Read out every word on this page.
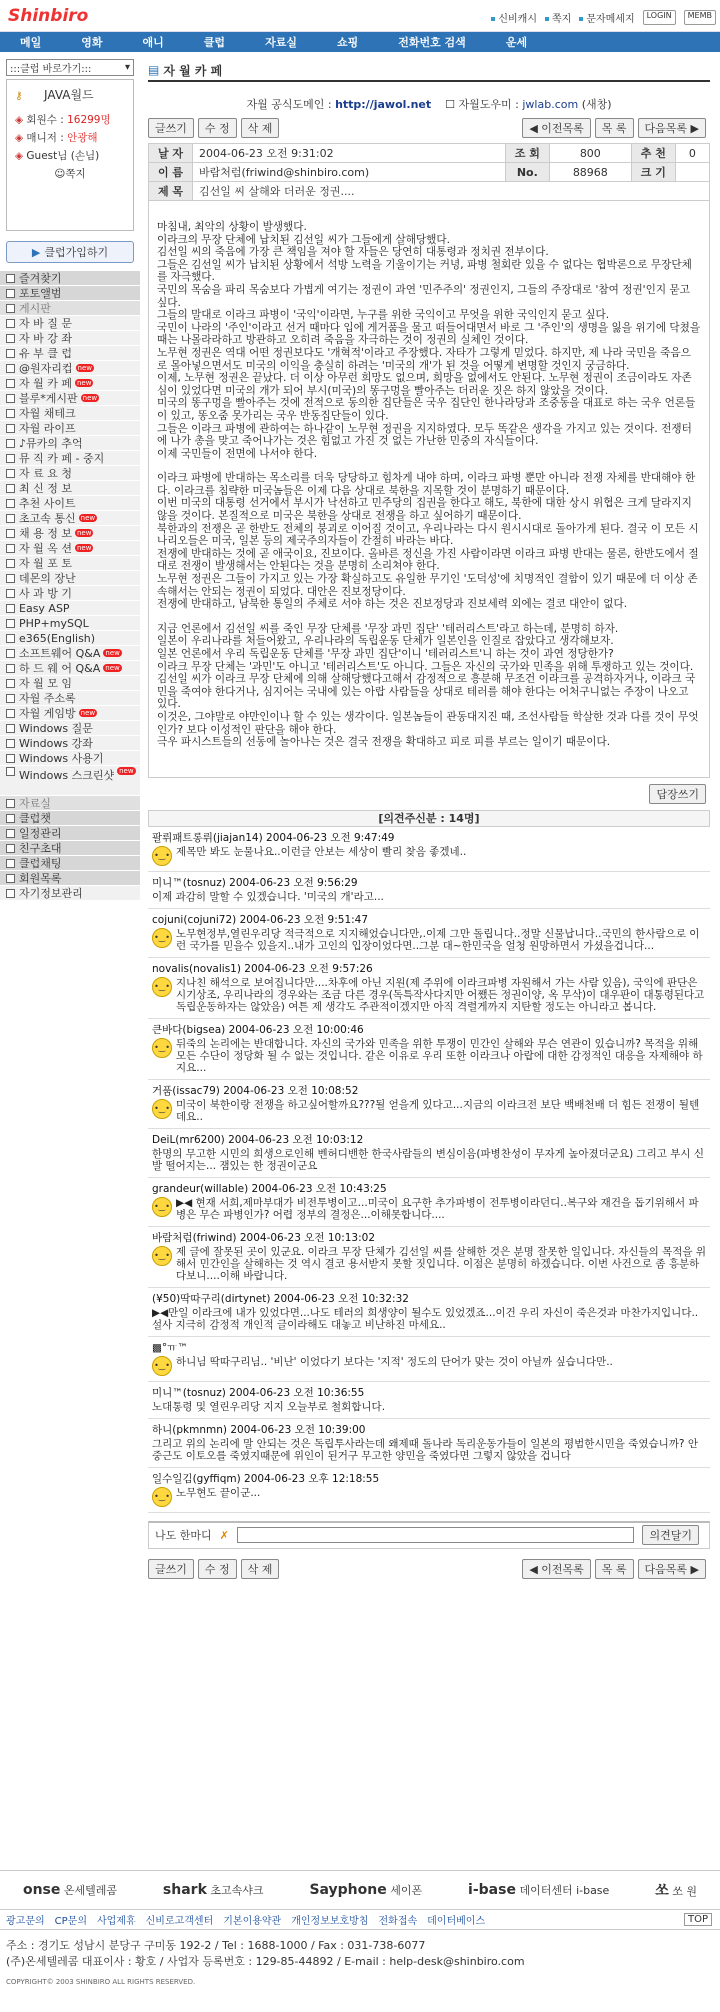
Shinbiro	신비캐시	쪽지	문자메세지	LOGIN	MEMB
메일	영화	애니	클럽	자료실	쇼핑	전화번호 검색	운세
:::클럽 바로가기:::	▾
⚷ JAVA월드
◈ 회원수 : 16299명
◈ 매니저 : 안광해
◈ Guest님 (손님)
☺쪽지
▶ 클럽가입하기
즐겨찾기
포토앨범
게시판
자 바 질 문
자 바 강 좌
유 부 클 럽
@원자리컵 new
자 월 카 페 new
블루*게시판 new
자월 채테크
자월 라이프
♪뮤카의 추억
뮤 직 카 페 - 중지
자 료 요 청
최 신 정 보
추천 사이트
초고속 통신 new
채 용 정 보 new
자 월 옥 션 new
자 월 포 토
데몬의 장난
사 과 방 기
Easy ASP
PHP+mySQL
e365(English)
소프트웨어 Q&A new
하 드 웨 어 Q&A new
자 월 모 임
자월 주소록
자월 게임방 new
Windows 질문
Windows 강좌
Windows 사용기
Windows 스크린샷 new
자료실
클럽챗
일정관리
친구초대
클럽채팅
회원목록
자기정보관리
▤ 자 월 카 페
자월 공식도메인 : http://jawol.net ☐ 자월도우미 : jwlab.com (새창)
글쓰기 수 정 삭 제	◀ 이전목록 목 록 다음목록 ▶
날 자	2004-06-23 오전 9:31:02	조 회	800	추 천	0
이 름	바람처럼(friwind@shinbiro.com)	No.	88968	크 기	
제 목	김선일 씨 살해와 더러운 정권....				

마침내, 최악의 상황이 발생했다.
이라크의 무장 단체에 납치된 김선일 씨가 그들에게 살해당했다.
김선일 씨의 죽음에 가장 큰 책임을 져야 할 자들은 당연히 대통령과 정치권 전부이다.
그들은 김선일 씨가 납치된 상황에서 석방 노력을 기울이기는 커녕, 파병 철회란 있을 수 없다는 협박론으로 무장단체를 자극했다.
국민의 목숨을 파리 목숨보다 가볍게 여기는 정권이 과연 '민주주의' 정권인지, 그들의 주장대로 '참여 정권'인지 묻고 싶다.
그들의 말대로 이라크 파병이 '국익'이라면, 누구를 위한 국익이고 무엇을 위한 국익인지 묻고 싶다.
국민이 나라의 '주인'이라고 선거 때마다 입에 게거품을 물고 떠들어대면서 바로 그 '주인'의 생명을 잃을 위기에 닥쳤을 때는 나몰라라하고 방관하고 오히려 죽음을 자극하는 것이 정권의 실체인 것이다.
노무현 정권은 역대 어떤 정권보다도 '개혁적'이라고 주장했다. 자타가 그렇게 믿었다. 하지만, 제 나라 국민을 죽음으로 몰아넣으면서도 미국의 이익을 충실히 하려는 '미국의 개'가 된 것을 어떻게 변명할 것인지 궁금하다.
이제, 노무현 정권은 끝났다. 더 이상 아무런 희망도 없으며, 희망을 없에서도 안된다. 노무현 정권이 조금이라도 자존심이 있었다면 미국의 개가 되어 부시(미국)의 똥구멍을 빨아주는 더러운 짓은 하지 않았을 것이다.
미국의 똥구멍을 빨아주는 것에 전적으로 동의한 집단들은 국우 집단인 한나라당과 조중동을 대표로 하는 국우 언론들이 있고, 똥오줌 못가리는 국우 반동집단들이 있다.
그들은 이라크 파병에 관하여는 하나같이 노무현 정권을 지지하였다. 모두 똑같은 생각을 가지고 있는 것이다. 전쟁터에 나가 총을 맞고 죽어나가는 것은 힘없고 가진 것 없는 가난한 민중의 자식들이다.
이제 국민들이 전면에 나서야 한다.

이라크 파병에 반대하는 목소리를 더욱 당당하고 힘차게 내야 하며, 이라크 파병 뿐만 아니라 전쟁 자체를 반대해야 한다. 이라크를 침략한 미국놈들은 이제 다음 상대로 북한을 지목할 것이 분명하기 때문이다.
이번 미국의 대통령 선거에서 부시가 낙선하고 민주당의 집권을 한다고 해도, 북한에 대한 상시 위협은 크게 달라지지 않을 것이다. 본질적으로 미국은 북한을 상대로 전쟁을 하고 싶어하기 때문이다.
북한과의 전쟁은 곧 한반도 전체의 붕괴로 이어질 것이고, 우리나라는 다시 원시시대로 돌아가게 된다. 결국 이 모든 시나리오들은 미국, 일본 등의 제국주의자들이 간절히 바라는 바다.
전쟁에 반대하는 것에 곧 애국이요, 진보이다. 올바른 정신을 가진 사람이라면 이라크 파병 반대는 물론, 한반도에서 절대로 전쟁이 발생해서는 안된다는 것을 분명히 소리쳐야 한다.
노무현 정권은 그들이 가지고 있는 가장 확실하고도 유일한 무기인 '도덕성'에 치명적인 결함이 있기 때문에 더 이상 존속해서는 안되는 정권이 되었다. 대안은 진보정당이다.
전쟁에 반대하고, 남북한 통일의 주체로 서야 하는 것은 진보정당과 진보세력 외에는 결코 대안이 없다.

지금 언론에서 김선일 씨를 죽인 무장 단체를 '무장 과민 집단' '테러리스트'라고 하는데, 분명히 하자.
일본이 우리나라를 처들어왔고, 우리나라의 독립운동 단체가 일본인을 인질로 잡았다고 생각해보자.
일본 언론에서 우리 독립운동 단체를 '무장 과민 집단'이니 '테러리스트'니 하는 것이 과연 정당한가?
이라크 무장 단체는 '과민'도 아니고 '테러리스트'도 아니다. 그들은 자신의 국가와 민족을 위해 투쟁하고 있는 것이다.
김선일 씨가 이라크 무장 단체에 의해 살해당했다고해서 감정적으로 흥분해 무조건 이라크를 공격하자거나, 이라크 국민을 죽여야 한다거나, 심지어는 국내에 있는 아랍 사람들을 상대로 테러를 해야 한다는 어처구니없는 주장이 나오고 있다.
이것은, 그야말로 야만인이나 할 수 있는 생각이다. 일본놈들이 관동대지진 때, 조선사람들 학살한 것과 다를 것이 무엇인가? 보다 이성적인 판단을 해야 한다.
극우 파시스트들의 선동에 놀아나는 것은 결국 전쟁을 확대하고 피로 피를 부르는 일이기 때문이다.

답장쓰기
[의견주신분 : 14명]
팔뤼패트롱뤼(jiajan14) 2004-06-23 오전 9:47:49
•‿• 제목만 봐도 눈물나요..이런글 안보는 세상이 빨리 찾음 좋겠네..
미니™(tosnuz) 2004-06-23 오전 9:56:29
이제 과감히 말할 수 있겠습니다. '미국의 개'라고...
cojuni(cojuni72) 2004-06-23 오전 9:51:47
•‿• 노무현정부,열린우리당 적극적으로 지지해었습니다만,.이제 그만 돌립니다..정말 신물납니다..국민의 한사람으로 이런 국가를 믿을수 있을지..내가 고인의 입장이었다면..그분 대~한민국을 얼청 원망하면서 가셨을겁니다...
novalis(novalis1) 2004-06-23 오전 9:57:26
•‿• 지나친 해석으로 보여집니다만....차후에 아닌 지원(제 주위에 이라크파병 자원해서 가는 사람 있음), 국익에 판단은 시기상조, 우리나라의 경우와는 조금 다른 경우(독특작사다지만 어쨌든 정권이양, 옥 무삭)이 대우판이 대통령된다고 독립운동하자는 않았음) 여튼 제 생각도 주관적이겠지만 아직 격렬게까지 지탄할 정도는 아니라고 봅니다.
큰바다(bigsea) 2004-06-23 오전 10:00:46
•‿• 뒤죽의 논리에는 반대합니다. 자신의 국가와 민족을 위한 투쟁이 민간인 살해와 무슨 연관이 있습니까? 목적을 위해 모든 수단이 정당화 될 수 없는 것입니다. 같은 이유로 우리 또한 이라크나 아랍에 대한 감정적인 대응을 자제해야 하지요...
거품(issac79) 2004-06-23 오전 10:08:52
•‿• 미국이 북한이랑 전쟁을 하고싶어할까요???될 얻을게 있다고...지금의 이라크전 보단 백배천배 더 힘든 전쟁이 될텐데요..
DeiL(mr6200) 2004-06-23 오전 10:03:12
한명의 무고한 시민의 희생으로인해 벤허디밴한 한국사람들의 변심이음(파병찬성이 무자게 높아졌더군요) 그리고 부시 신발 떨어지는... 잼있는 한 정권이군요
grandeur(willable) 2004-06-23 오전 10:43:25
•‿• ▶◀ 현재 서희,제마부대가 비전투병이고...미국이 요구한 추가파병이 전투병이라던디..복구와 재건을 돕기위해서 파병은 무슨 파병인가? 어렵 정부의 결정은...이해못합니다....
바람처럼(friwind) 2004-06-23 오전 10:13:02
•‿• 제 글에 잘못된 곳이 있군요. 이라크 무장 단체가 김선일 씨를 살해한 것은 분명 잘못한 일입니다. 자신들의 목적을 위해서 민간인을 살해하는 것 역시 결코 용서받지 못할 짓입니다. 이점은 분명히 하겠습니다. 이번 사건으로 좀 흥분하다보니....이해 바랍니다.
(¥50)딱따구리(dirtynet) 2004-06-23 오전 10:32:32
▶◀만일 이라크에 내가 있었다면...나도 테러의 희생양이 될수도 있었겠죠...이건 우리 자신이 죽은것과 마찬가지입니다.. 설사 지극히 감정적 개인적 글이라해도 대놓고 비난하진 마세요..
▩°ㅠ™
•‿• 하니님 딱따구리님.. '비난' 이었다기 보다는 '지적' 정도의 단어가 맞는 것이 아닐까 싶습니다만..
미니™(tosnuz) 2004-06-23 오전 10:36:55
노대통령 및 열린우리당 지지 오늘부로 철회합니다.
하니(pkmnmn) 2004-06-23 오전 10:39:00
그리고 위의 논리에 말 안되는 것은 독립투사라는데 왜제때 돌나라 독리운동가들이 일본의 평범한시민을 죽였습니까? 안중근도 이토오를 죽였지때문에 위인이 된거구 무고한 양민을 죽였다면 그렇지 않았을 겁니다
일수일김(gyffiqm) 2004-06-23 오후 12:18:55
•‿• 노무현도 끝이군...
나도 한마디 ✗	의견달기
글쓰기 수 정 삭 제	◀ 이전목록 목 록 다음목록 ▶
onse 온세텔레콤	shark 초고속샤크	Sayphone 세이폰	i-base 데이터센터 i-base	쏘 쏘 원
광고문의 CP문의 사업제휴 신비로고객센터 기본이용약관 개인정보보호방침 전화접속 데이터베이스	TOP
주소 : 경기도 성남시 분당구 구미동 192-2 / Tel : 1688-1000 / Fax : 031-738-6077
(주)온세텔레콤 대표이사 : 황호 / 사업자 등록번호 : 129-85-44892 / E-mail : help-desk@shinbiro.com
COPYRIGHT© 2003 SHINBIRO ALL RIGHTS RESERVED.
